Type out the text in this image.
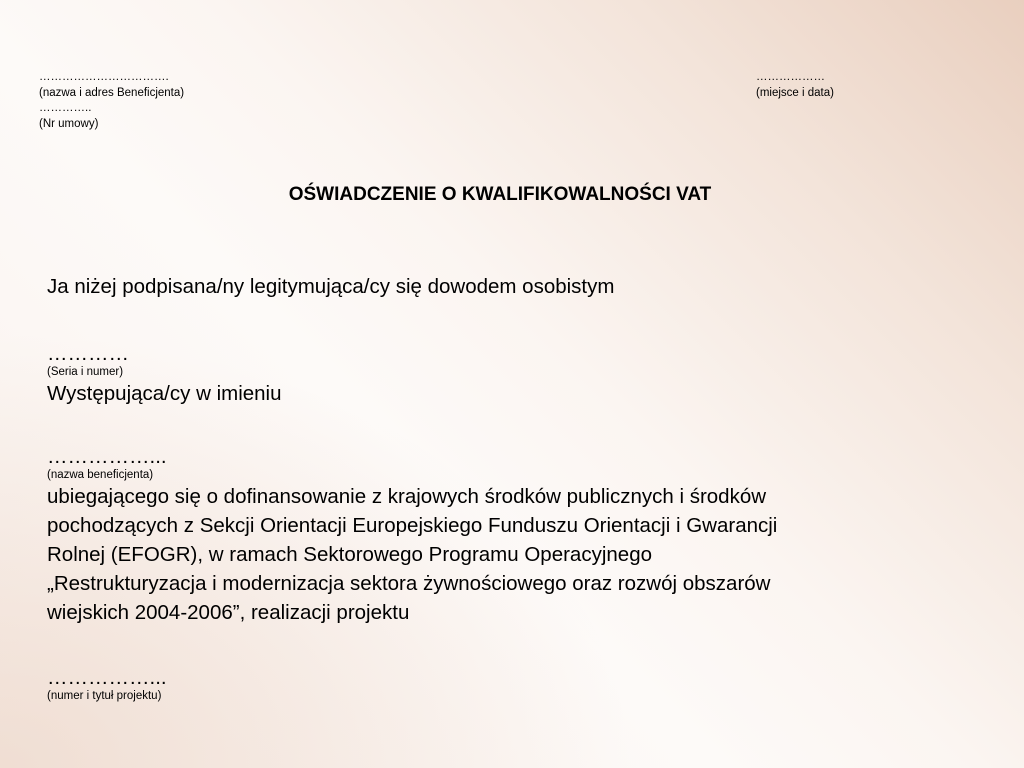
…………………………….
(nazwa i adres Beneficjenta)
…………..
(Nr umowy)
………………
(miejsce i data)
OŚWIADCZENIE O KWALIFIKOWALNOŚCI VAT
Ja niżej podpisana/ny legitymująca/cy się dowodem osobistym
…………
(Seria i numer)
Występująca/cy w imieniu
……………...
(nazwa beneficjenta)
ubiegającego się o dofinansowanie z krajowych środków publicznych i środków
pochodzących z Sekcji Orientacji Europejskiego Funduszu Orientacji i Gwarancji
Rolnej (EFOGR), w ramach Sektorowego Programu Operacyjnego
„Restrukturyzacja i modernizacja sektora żywnościowego oraz rozwój obszarów
wiejskich 2004-2006”, realizacji projektu
……………...
(numer i tytuł projektu)
